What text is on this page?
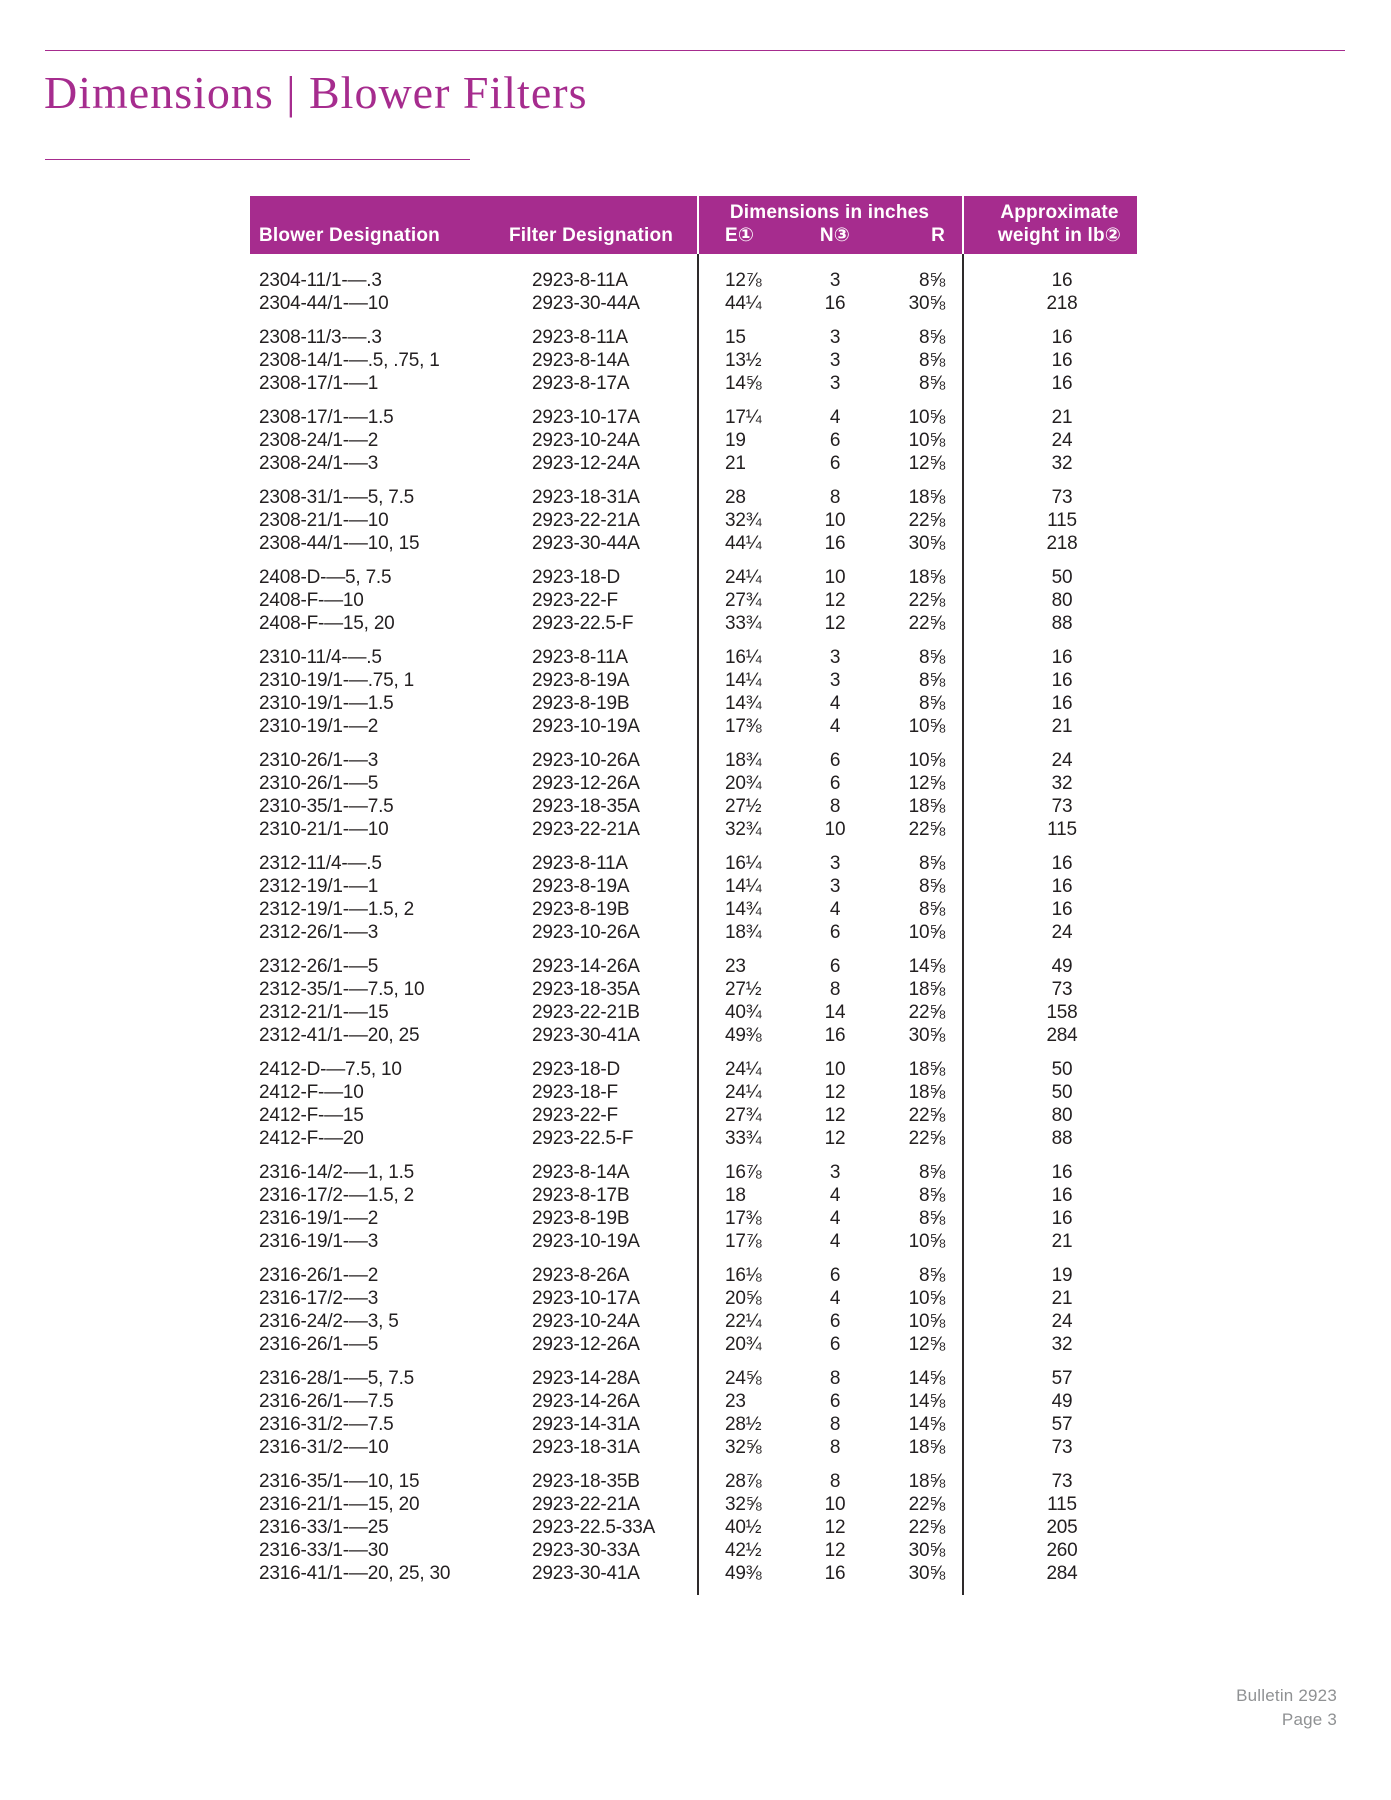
Dimensions | Blower Filters
Blower Designation	Filter Designation
Dimensions in inches
E①	N③	R
Approximate
weight in lb②
2304-11/1-—.3	2923-8-11A	12⅞	3	8⅝	16
2304-44/1-—10	2923-30-44A	44¼	16	30⅝	218
2308-11/3-—.3	2923-8-11A	15	3	8⅝	16
2308-14/1-—.5, .75, 1	2923-8-14A	13½	3	8⅝	16
2308-17/1-—1	2923-8-17A	14⅝	3	8⅝	16
2308-17/1-—1.5	2923-10-17A	17¼	4	10⅝	21
2308-24/1-—2	2923-10-24A	19	6	10⅝	24
2308-24/1-—3	2923-12-24A	21	6	12⅝	32
2308-31/1-—5, 7.5	2923-18-31A	28	8	18⅝	73
2308-21/1-—10	2923-22-21A	32¾	10	22⅝	115
2308-44/1-—10, 15	2923-30-44A	44¼	16	30⅝	218
2408-D-—5, 7.5	2923-18-D	24¼	10	18⅝	50
2408-F-—10	2923-22-F	27¾	12	22⅝	80
2408-F-—15, 20	2923-22.5-F	33¾	12	22⅝	88
2310-11/4-—.5	2923-8-11A	16¼	3	8⅝	16
2310-19/1-—.75, 1	2923-8-19A	14¼	3	8⅝	16
2310-19/1-—1.5	2923-8-19B	14¾	4	8⅝	16
2310-19/1-—2	2923-10-19A	17⅜	4	10⅝	21
2310-26/1-—3	2923-10-26A	18¾	6	10⅝	24
2310-26/1-—5	2923-12-26A	20¾	6	12⅝	32
2310-35/1-—7.5	2923-18-35A	27½	8	18⅝	73
2310-21/1-—10	2923-22-21A	32¾	10	22⅝	115
2312-11/4-—.5	2923-8-11A	16¼	3	8⅝	16
2312-19/1-—1	2923-8-19A	14¼	3	8⅝	16
2312-19/1-—1.5, 2	2923-8-19B	14¾	4	8⅝	16
2312-26/1-—3	2923-10-26A	18¾	6	10⅝	24
2312-26/1-—5	2923-14-26A	23	6	14⅝	49
2312-35/1-—7.5, 10	2923-18-35A	27½	8	18⅝	73
2312-21/1-—15	2923-22-21B	40¾	14	22⅝	158
2312-41/1-—20, 25	2923-30-41A	49⅜	16	30⅝	284
2412-D-—7.5, 10	2923-18-D	24¼	10	18⅝	50
2412-F-—10	2923-18-F	24¼	12	18⅝	50
2412-F-—15	2923-22-F	27¾	12	22⅝	80
2412-F-—20	2923-22.5-F	33¾	12	22⅝	88
2316-14/2-—1, 1.5	2923-8-14A	16⅞	3	8⅝	16
2316-17/2-—1.5, 2	2923-8-17B	18	4	8⅝	16
2316-19/1-—2	2923-8-19B	17⅜	4	8⅝	16
2316-19/1-—3	2923-10-19A	17⅞	4	10⅝	21
2316-26/1-—2	2923-8-26A	16⅛	6	8⅝	19
2316-17/2-—3	2923-10-17A	20⅝	4	10⅝	21
2316-24/2-—3, 5	2923-10-24A	22¼	6	10⅝	24
2316-26/1-—5	2923-12-26A	20¾	6	12⅝	32
2316-28/1-—5, 7.5	2923-14-28A	24⅝	8	14⅝	57
2316-26/1-—7.5	2923-14-26A	23	6	14⅝	49
2316-31/2-—7.5	2923-14-31A	28½	8	14⅝	57
2316-31/2-—10	2923-18-31A	32⅝	8	18⅝	73
2316-35/1-—10, 15	2923-18-35B	28⅞	8	18⅝	73
2316-21/1-—15, 20	2923-22-21A	32⅝	10	22⅝	115
2316-33/1-—25	2923-22.5-33A	40½	12	22⅝	205
2316-33/1-—30	2923-30-33A	42½	12	30⅝	260
2316-41/1-—20, 25, 30	2923-30-41A	49⅜	16	30⅝	284
Bulletin 2923
Page 3
